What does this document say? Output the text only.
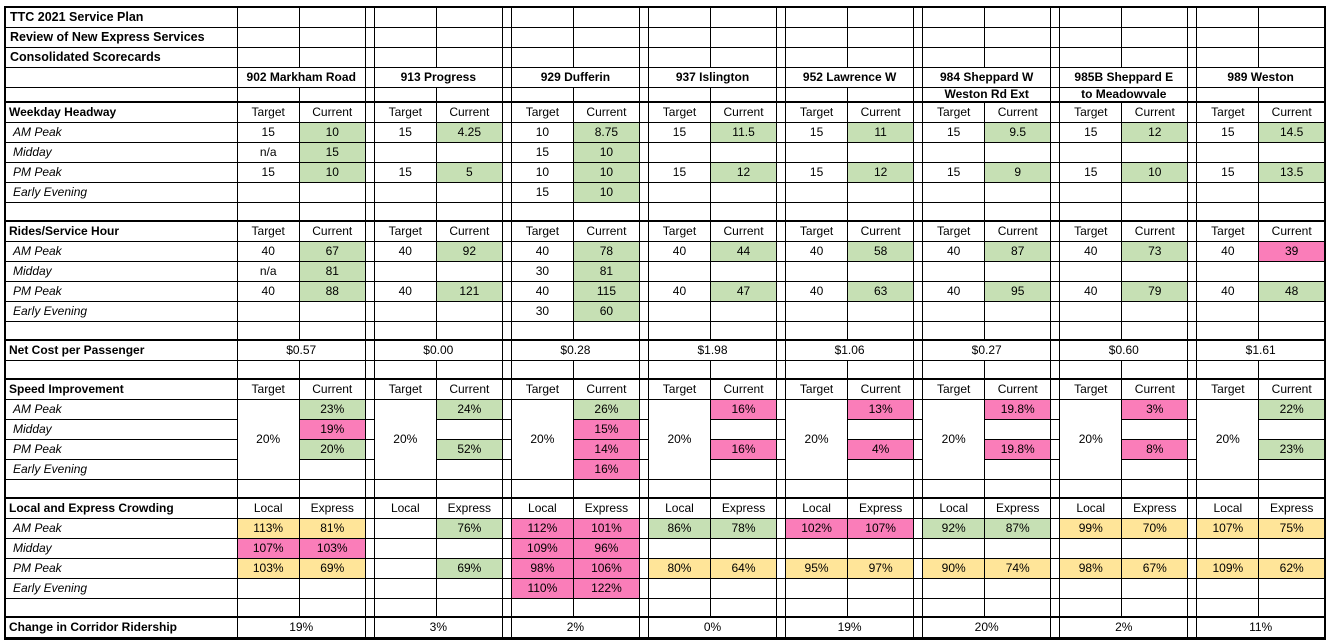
TTC 2021 Service Plan																							
Review of New Express Services																							
Consolidated Scorecards																							
	902 Markham Road			913 Progress			929 Dufferin			937 Islington			952 Lawrence W			984 Sheppard W			985B Sheppard E			989 Weston	
																Weston Rd Ext			to Meadowvale				
Weekday Headway	Target	Current		Target	Current		Target	Current		Target	Current		Target	Current		Target	Current		Target	Current		Target	Current
AM Peak	15	10		15	4.25		10	8.75		15	11.5		15	11		15	9.5		15	12		15	14.5
Midday	n/a	15					15	10															
PM Peak	15	10		15	5		10	10		15	12		15	12		15	9		15	10		15	13.5
Early Evening							15	10															

Rides/Service Hour	Target	Current		Target	Current		Target	Current		Target	Current		Target	Current		Target	Current		Target	Current		Target	Current
AM Peak	40	67		40	92		40	78		40	44		40	58		40	87		40	73		40	39
Midday	n/a	81					30	81															
PM Peak	40	88		40	121		40	115		40	47		40	63		40	95		40	79		40	48
Early Evening							30	60															

Net Cost per Passenger	$0.57			$0.00			$0.28			$1.98			$1.06			$0.27			$0.60			$1.61	

Speed Improvement	Target	Current		Target	Current		Target	Current		Target	Current		Target	Current		Target	Current		Target	Current		Target	Current
AM Peak	20%	23%		20%	24%		20%	26%		20%	16%		20%	13%		20%	19.8%		20%	3%		20%	22%
Midday		19%						15%															
PM Peak		20%			52%			14%			16%			4%			19.8%			8%			23%
Early Evening								16%															

Local and Express Crowding	Local	Express		Local	Express		Local	Express		Local	Express		Local	Express		Local	Express		Local	Express		Local	Express
AM Peak	113%	81%			76%		112%	101%		86%	78%		102%	107%		92%	87%		99%	70%		107%	75%
Midday	107%	103%					109%	96%															
PM Peak	103%	69%			69%		98%	106%		80%	64%		95%	97%		90%	74%		98%	67%		109%	62%
Early Evening							110%	122%															

Change in Corridor Ridership	19%			3%			2%			0%			19%			20%			2%			11%	
